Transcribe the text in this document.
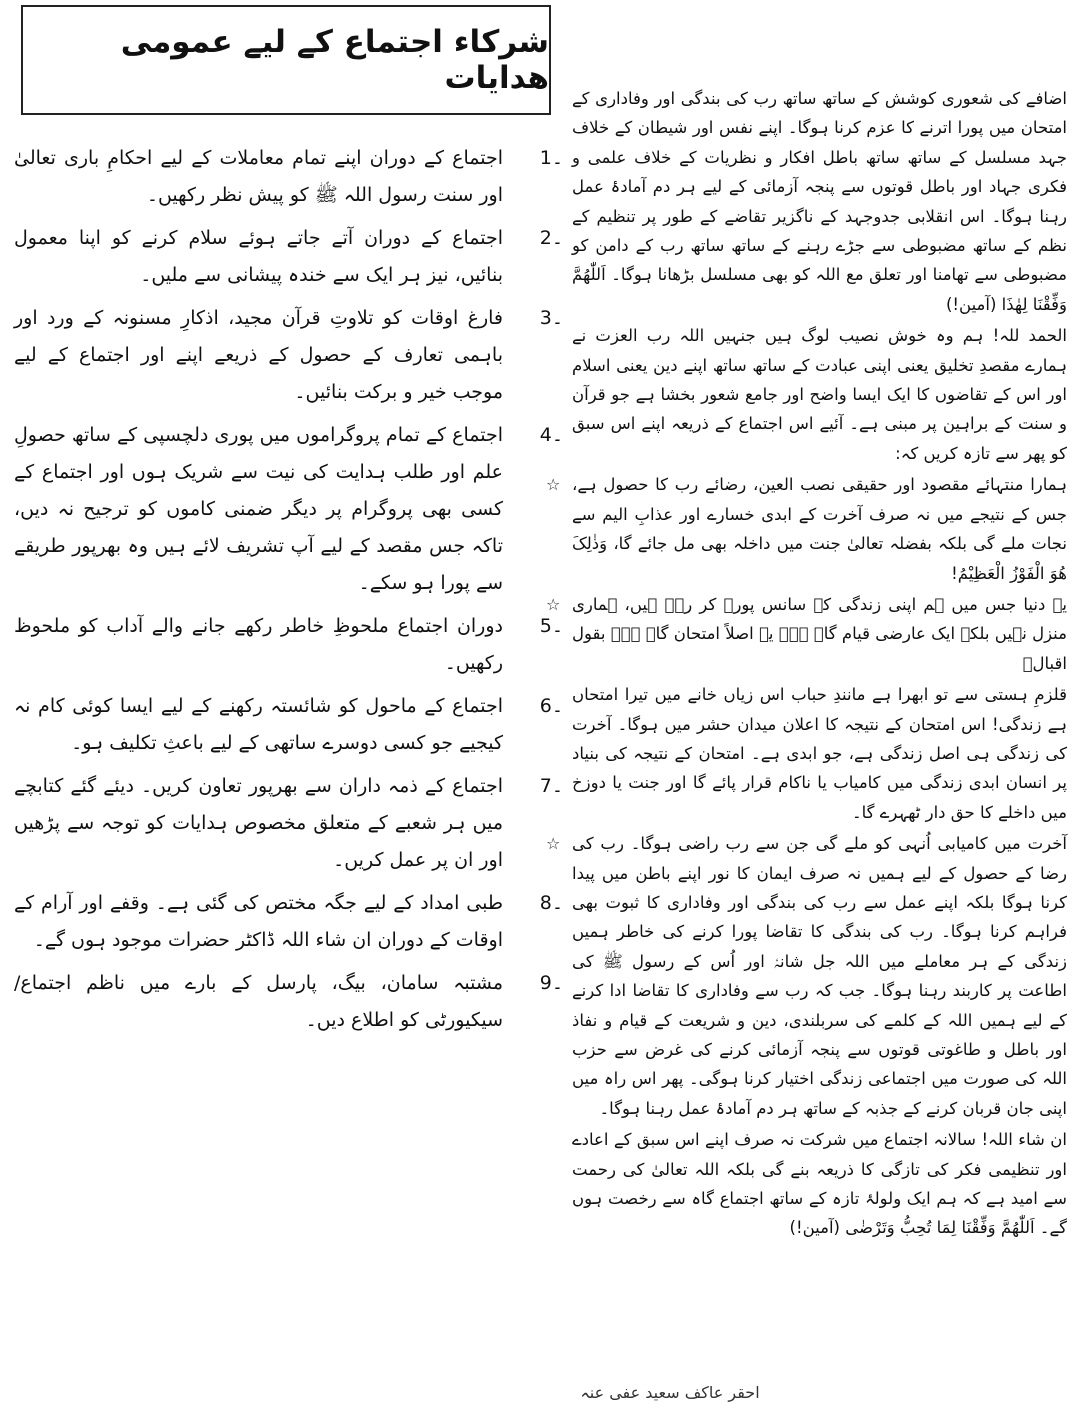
شرکاء اجتماع کے لیے عمومی ھدایات
1۔
اجتماع کے دوران اپنے تمام معاملات کے لیے احکامِ باری تعالیٰ اور سنت رسول اللہ ﷺ کو پیش نظر رکھیں۔
2۔
اجتماع کے دوران آتے جاتے ہوئے سلام کرنے کو اپنا معمول بنائیں، نیز ہر ایک سے خندہ پیشانی سے ملیں۔
3۔
فارغ اوقات کو تلاوتِ قرآن مجید، اذکارِ مسنونہ کے ورد اور باہمی تعارف کے حصول کے ذریعے اپنے اور اجتماع کے لیے موجب خیر و برکت بنائیں۔
4۔
اجتماع کے تمام پروگراموں میں پوری دلچسپی کے ساتھ حصولِ علم اور طلب ہدایت کی نیت سے شریک ہوں اور اجتماع کے کسی بھی پروگرام پر دیگر ضمنی کاموں کو ترجیح نہ دیں، تاکہ جس مقصد کے لیے آپ تشریف لائے ہیں وہ بھرپور طریقے سے پورا ہو سکے۔
5۔
دوران اجتماع ملحوظِ خاطر رکھے جانے والے آداب کو ملحوظ رکھیں۔
6۔
اجتماع کے ماحول کو شائستہ رکھنے کے لیے ایسا کوئی کام نہ کیجیے جو کسی دوسرے ساتھی کے لیے باعثِ تکلیف ہو۔
7۔
اجتماع کے ذمہ داران سے بھرپور تعاون کریں۔ دیئے گئے کتابچے میں ہر شعبے کے متعلق مخصوص ہدایات کو توجہ سے پڑھیں اور ان پر عمل کریں۔
8۔
طبی امداد کے لیے جگہ مختص کی گئی ہے۔ وقفے اور آرام کے اوقات کے دوران ان شاء اللہ ڈاکٹر حضرات موجود ہوں گے۔
9۔
مشتبہ سامان، بیگ، پارسل کے بارے میں ناظم اجتماع/سیکیورٹی کو اطلاع دیں۔

اضافے کی شعوری کوشش کے ساتھ ساتھ رب کی بندگی اور وفاداری کے امتحان میں پورا اترنے کا عزم کرنا ہوگا۔ اپنے نفس اور شیطان کے خلاف جہد مسلسل کے ساتھ ساتھ باطل افکار و نظریات کے خلاف علمی و فکری جہاد اور باطل قوتوں سے پنجہ آزمائی کے لیے ہر دم آمادۂ عمل رہنا ہوگا۔ اس انقلابی جدوجہد کے ناگزیر تقاضے کے طور پر تنظیم کے نظم کے ساتھ مضبوطی سے جڑے رہنے کے ساتھ ساتھ رب کے دامن کو مضبوطی سے تھامنا اور تعلق مع اللہ کو بھی مسلسل بڑھانا ہوگا۔ اَللّٰھُمَّ وَفِّقْنَا لِھٰذَا (آمین!)

الحمد للہ! ہم وہ خوش نصیب لوگ ہیں جنہیں اللہ رب العزت نے ہمارے مقصدِ تخلیق یعنی اپنی عبادت کے ساتھ ساتھ اپنے دین یعنی اسلام اور اس کے تقاضوں کا ایک ایسا واضح اور جامع شعور بخشا ہے جو قرآن و سنت کے براہین پر مبنی ہے۔ آئیے اس اجتماع کے ذریعہ اپنے اس سبق کو پھر سے تازہ کریں کہ:

☆ ہمارا منتہائے مقصود اور حقیقی نصب العین، رضائے رب کا حصول ہے، جس کے نتیجے میں نہ صرف آخرت کے ابدی خسارے اور عذابِ الیم سے نجات ملے گی بلکہ بفضلہ تعالیٰ جنت میں داخلہ بھی مل جائے گا، وَذٰلِکَ ھُوَ الْفَوْزُ الْعَظِیْمُ!

☆ یہ دنیا جس میں ہم اپنی زندگی کے سانس پورے کر رہے ہیں، ہماری منزل نہیں بلکہ ایک عارضی قیام گاہ ہے۔ یہ اصلاً امتحان گاہ ہے۔ بقول اقبالؔ

قلزمِ ہستی سے تو ابھرا ہے مانندِ حباب اس زیاں خانے میں تیرا امتحاں ہے زندگی! اس امتحان کے نتیجہ کا اعلان میدان حشر میں ہوگا۔ آخرت کی زندگی ہی اصل زندگی ہے، جو ابدی ہے۔ امتحان کے نتیجہ کی بنیاد پر انسان ابدی زندگی میں کامیاب یا ناکام قرار پائے گا اور جنت یا دوزخ میں داخلے کا حق دار ٹھہرے گا۔

☆ آخرت میں کامیابی اُنہی کو ملے گی جن سے رب راضی ہوگا۔ رب کی رضا کے حصول کے لیے ہمیں نہ صرف ایمان کا نور اپنے باطن میں پیدا کرنا ہوگا بلکہ اپنے عمل سے رب کی بندگی اور وفاداری کا ثبوت بھی فراہم کرنا ہوگا۔ رب کی بندگی کا تقاضا پورا کرنے کی خاطر ہمیں زندگی کے ہر معاملے میں اللہ جل شانہٗ اور اُس کے رسول ﷺ کی اطاعت پر کاربند رہنا ہوگا۔ جب کہ رب سے وفاداری کا تقاضا ادا کرنے کے لیے ہمیں اللہ کے کلمے کی سربلندی، دین و شریعت کے قیام و نفاذ اور باطل و طاغوتی قوتوں سے پنجہ آزمائی کرنے کی غرض سے حزب اللہ کی صورت میں اجتماعی زندگی اختیار کرنا ہوگی۔ پھر اس راہ میں اپنی جان قربان کرنے کے جذبہ کے ساتھ ہر دم آمادۂ عمل رہنا ہوگا۔

ان شاء اللہ! سالانہ اجتماع میں شرکت نہ صرف اپنے اس سبق کے اعادے اور تنظیمی فکر کی تازگی کا ذریعہ بنے گی بلکہ اللہ تعالیٰ کی رحمت سے امید ہے کہ ہم ایک ولولۂ تازہ کے ساتھ اجتماع گاہ سے رخصت ہوں گے۔ اَللّٰھُمَّ وَفِّقْنَا لِمَا تُحِبُّ وَتَرْضٰی (آمین!)

احقر عاکف سعید عفی عنہ
